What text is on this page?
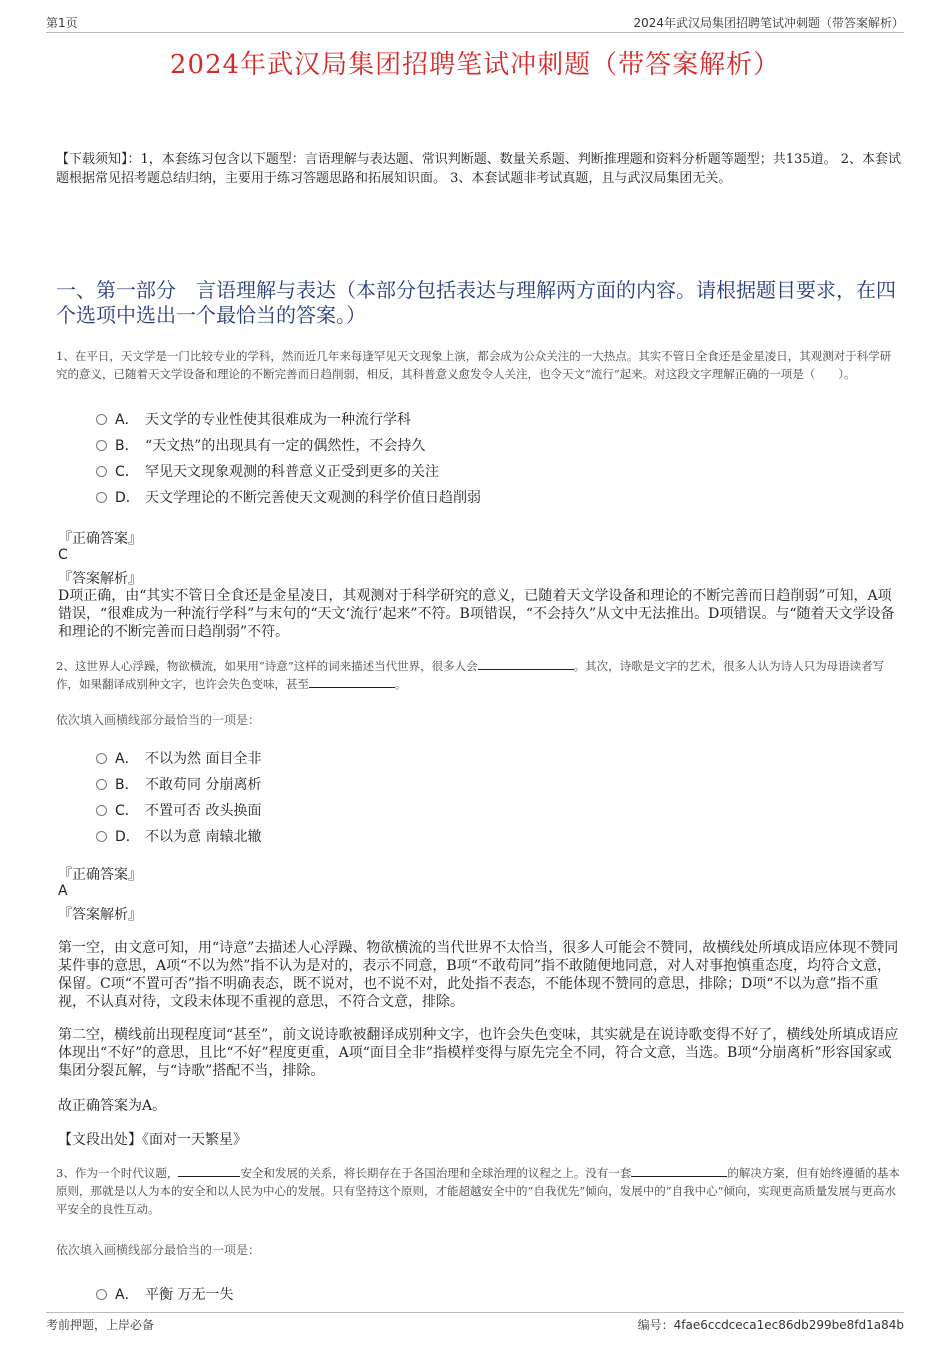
第1页	2024年武汉局集团招聘笔试冲刺题（带答案解析）
2024年武汉局集团招聘笔试冲刺题（带答案解析）
【下载须知】：1，本套练习包含以下题型：言语理解与表达题、常识判断题、数量关系题、判断推理题和资料分析题等题型；共135道。 2、本套试题根据常见招考题总结归纳，主要用于练习答题思路和拓展知识面。 3、本套试题非考试真题，且与武汉局集团无关。
一、第一部分　言语理解与表达（本部分包括表达与理解两方面的内容。请根据题目要求，在四个选项中选出一个最恰当的答案。）
1、在平日，天文学是一门比较专业的学科，然而近几年来每逢罕见天文现象上演，都会成为公众关注的一大热点。其实不管日全食还是金星凌日，其观测对于科学研究的意义，已随着天文学设备和理论的不断完善而日趋削弱，相反，其科普意义愈发令人关注，也令天文“流行”起来。对这段文字理解正确的一项是（　　）。
A． 天文学的专业性使其很难成为一种流行学科
B． “天文热”的出现具有一定的偶然性，不会持久
C． 罕见天文现象观测的科普意义正受到更多的关注
D． 天文学理论的不断完善使天文观测的科学价值日趋削弱
『正确答案』
C
『答案解析』
D项正确，由“其实不管日全食还是金星凌日，其观测对于科学研究的意义，已随着天文学设备和理论的不断完善而日趋削弱”可知，A项错误，“很难成为一种流行学科”与末句的“天文‘流行’起来”不符。B项错误，“不会持久”从文中无法推出。D项错误。与“随着天文学设备和理论的不断完善而日趋削弱”不符。
2、这世界人心浮躁，物欲横流，如果用“诗意”这样的词来描述当代世界，很多人会	。其次，诗歌是文字的艺术，很多人认为诗人只为母语读者写作，如果翻译成别种文字，也许会失色变味，甚至	。
依次填入画横线部分最恰当的一项是：
A． 不以为然 面目全非
B． 不敢苟同 分崩离析
C． 不置可否 改头换面
D． 不以为意 南辕北辙
『正确答案』
A
『答案解析』
第一空，由文意可知，用“诗意”去描述人心浮躁、物欲横流的当代世界不太恰当，很多人可能会不赞同，故横线处所填成语应体现不赞同某件事的意思，A项“不以为然”指不认为是对的，表示不同意，B项“不敢苟同”指不敢随便地同意，对人对事抱慎重态度，均符合文意，保留。C项“不置可否”指不明确表态，既不说对，也不说不对，此处指不表态，不能体现不赞同的意思，排除；D项“不以为意”指不重视，不认真对待，文段未体现不重视的意思，不符合文意，排除。
第二空，横线前出现程度词“甚至”，前文说诗歌被翻译成别种文字，也许会失色变味，其实就是在说诗歌变得不好了，横线处所填成语应体现出“不好”的意思，且比“不好”程度更重，A项“面目全非”指模样变得与原先完全不同，符合文意，当选。B项“分崩离析”形容国家或集团分裂瓦解，与“诗歌”搭配不当，排除。
故正确答案为A。
【文段出处】《面对一天繁星》
3、作为一个时代议题，	安全和发展的关系，将长期存在于各国治理和全球治理的议程之上。没有一套	的解决方案，但有始终遵循的基本原则，那就是以人为本的安全和以人民为中心的发展。只有坚持这个原则，才能超越安全中的“自我优先”倾向，发展中的“自我中心”倾向，实现更高质量发展与更高水平安全的良性互动。
依次填入画横线部分最恰当的一项是：
A． 平衡 万无一失
考前押题，上岸必备	编号：4fae6ccdceca1ec86db299be8fd1a84b
